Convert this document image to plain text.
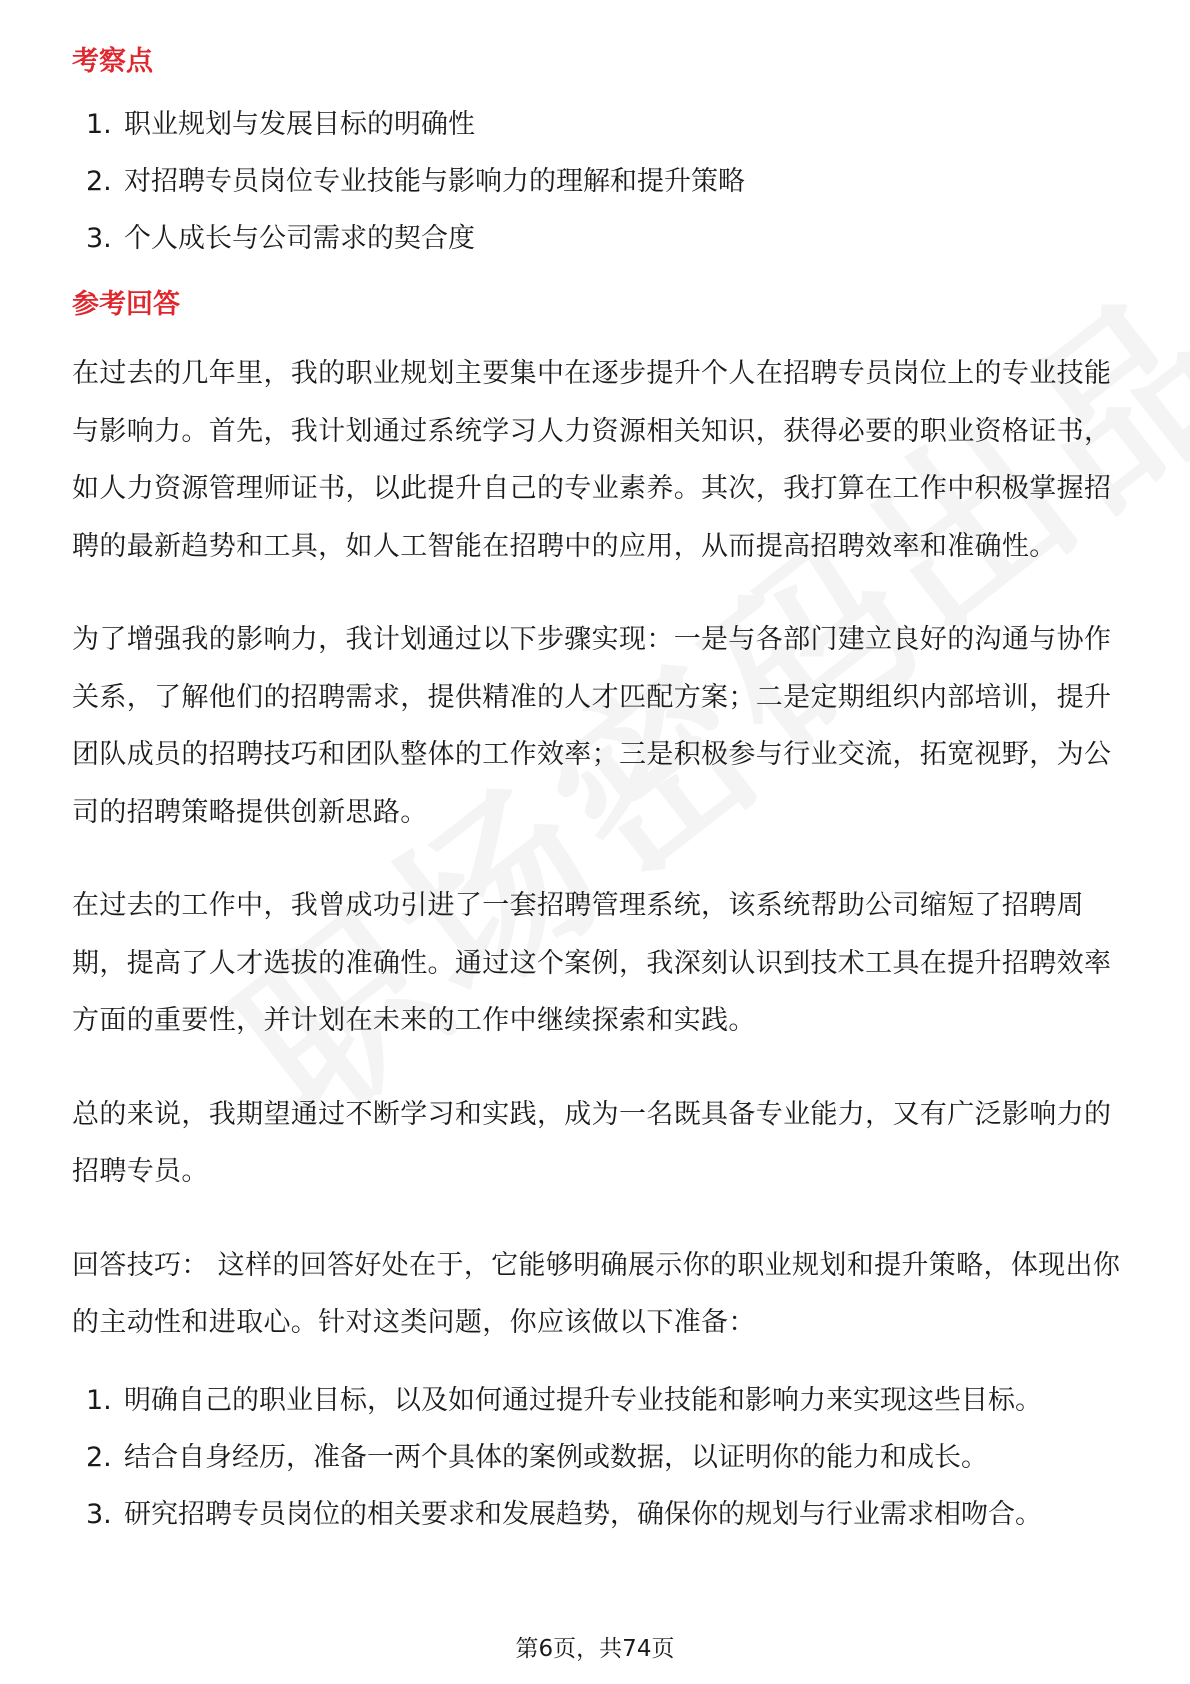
考察点
1. 职业规划与发展目标的明确性
2. 对招聘专员岗位专业技能与影响力的理解和提升策略
3. 个人成长与公司需求的契合度
参考回答

在过去的几年里，我的职业规划主要集中在逐步提升个人在招聘专员岗位上的专业技能与影响力。首先，我计划通过系统学习人力资源相关知识，获得必要的职业资格证书，如人力资源管理师证书，以此提升自己的专业素养。其次，我打算在工作中积极掌握招聘的最新趋势和工具，如人工智能在招聘中的应用，从而提高招聘效率和准确性。

为了增强我的影响力，我计划通过以下步骤实现：一是与各部门建立良好的沟通与协作关系，了解他们的招聘需求，提供精准的人才匹配方案；二是定期组织内部培训，提升团队成员的招聘技巧和团队整体的工作效率；三是积极参与行业交流，拓宽视野，为公司的招聘策略提供创新思路。

在过去的工作中，我曾成功引进了一套招聘管理系统，该系统帮助公司缩短了招聘周期，提高了人才选拔的准确性。通过这个案例，我深刻认识到技术工具在提升招聘效率方面的重要性，并计划在未来的工作中继续探索和实践。

总的来说，我期望通过不断学习和实践，成为一名既具备专业能力，又有广泛影响力的招聘专员。

回答技巧： 这样的回答好处在于，它能够明确展示你的职业规划和提升策略，体现出你的主动性和进取心。针对这类问题，你应该做以下准备：

1. 明确自己的职业目标，以及如何通过提升专业技能和影响力来实现这些目标。
2. 结合自身经历，准备一两个具体的案例或数据，以证明你的能力和成长。
3. 研究招聘专员岗位的相关要求和发展趋势，确保你的规划与行业需求相吻合。
第6页，共74页
